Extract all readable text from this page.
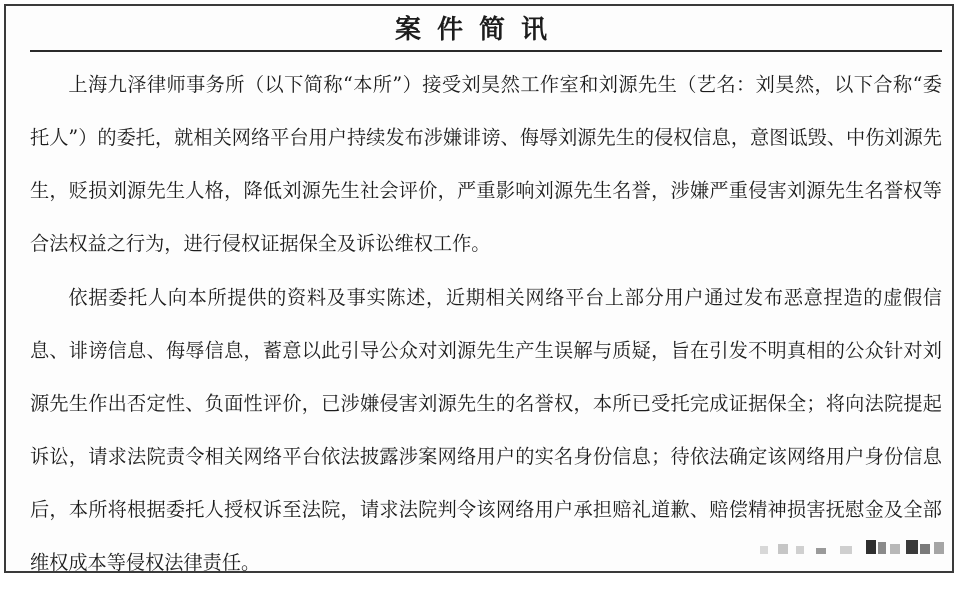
案件简讯

上海九泽律师事务所（以下简称“本所”）接受刘昊然工作室和刘源先生（艺名：刘昊然，以下合称“委托人”）的委托，就相关网络平台用户持续发布涉嫌诽谤、侮辱刘源先生的侵权信息，意图诋毁、中伤刘源先生，贬损刘源先生人格，降低刘源先生社会评价，严重影响刘源先生名誉，涉嫌严重侵害刘源先生名誉权等合法权益之行为，进行侵权证据保全及诉讼维权工作。

依据委托人向本所提供的资料及事实陈述，近期相关网络平台上部分用户通过发布恶意捏造的虚假信息、诽谤信息、侮辱信息，蓄意以此引导公众对刘源先生产生误解与质疑，旨在引发不明真相的公众针对刘源先生作出否定性、负面性评价，已涉嫌侵害刘源先生的名誉权，本所已受托完成证据保全；将向法院提起诉讼，请求法院责令相关网络平台依法披露涉案网络用户的实名身份信息；待依法确定该网络用户身份信息后，本所将根据委托人授权诉至法院，请求法院判令该网络用户承担赔礼道歉、赔偿精神损害抚慰金及全部维权成本等侵权法律责任。
